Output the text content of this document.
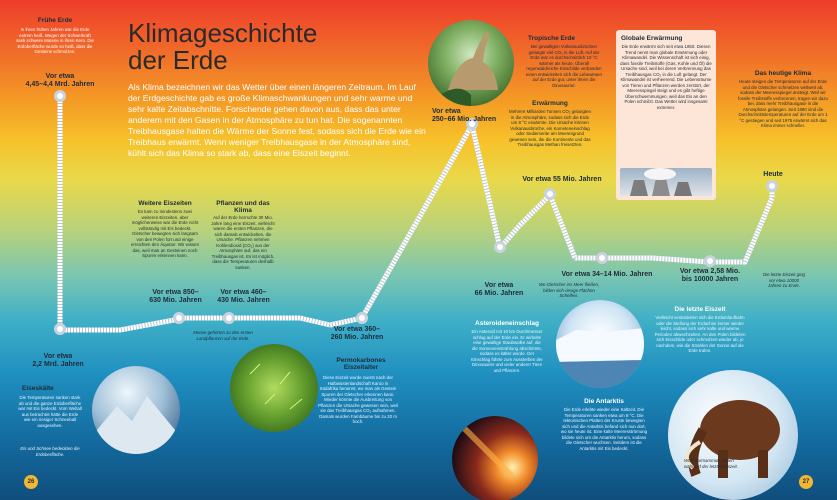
Klimageschichte
der Erde
Als Klima bezeichnen wir das Wetter über einen längeren Zeitraum. Im Lauf der Erdgeschichte gab es große Klimaschwankungen und sehr warme und sehr kalte Zeitabschnitte. Forschende gehen davon aus, dass das unter anderem mit den Gasen in der Atmosphäre zu tun hat. Die sogenannten Treibhausgase halten die Wärme der Sonne fest, sodass sich die Erde wie ein Treibhaus erwärmt. Wenn weniger Treibhausgase in der Atmosphäre sind, kühlt sich das Klima so stark ab, dass eine Eiszeit beginnt.
Frühe Erde
In ihren frühen Jahren war die Erde extrem heiß. Wegen der Schwerkraft sank schwere Materie in ihren Kern. Die Erdoberfläche wurde so heiß, dass die Gesteine schmolzen.
Vor etwa
4,45–4,4 Mrd. Jahren
Weitere Eiszeiten
Es kam zu mindestens zwei weiteren Eiszeiten, aber möglicherweise war die Erde nicht vollständig mit Eis bedeckt. Gletscher bewegten sich langsam von den Polen fort und einige erreichten den Äquator. Wir wissen das, weil man an Gesteinen noch Spuren erkennen kann.
Vor etwa 850–
630 Mio. Jahren
Pflanzen und das Klima
Auf der Erde herrschte 30 Mio. Jahre lang eine Eiszeit, vielleicht waren die ersten Pflanzen, die sich damals entwickelten, die Ursache. Pflanzen nehmen Kohlendioxid (CO₂) aus der Atmosphäre auf, das ein Treibhausgas ist. Es ist möglich, dass die Temperaturen deshalb sanken.
Vor etwa 460–
430 Mio. Jahren
Tropische Erde
Bei gewaltigen Vulkanausbrüchen gelangte viel CO₂ in die Luft. Auf der Erde war es durchschnittlich 10 °C wärmer als heute. Überall regenwaldreiche Eisschilde verbanden einen entwickelten sich die Lebewesen auf der Erde gut, unter ihnen die Dinosaurier.
Erwärmung
Mehrere Milliarden Tonnen CO₂ gelangten in die Atmosphäre, sodass sich die Erde um 8 °C erwärmte. Die Ursache können Vulkanausbrüche, ein Kometeneinschlag oder Sediemente am Meeresgrund gewesen sein, die die Kontinente und das Treibhausgas Methan freisetzten.
Vor etwa
250–66 Mio. Jahren
Vor etwa 55 Mio. Jahren
Globale Erwärmung
Die Erde erwärmt sich seit etwa 1850. Diesen Trend nennt man globale Erwärmung oder Klimawandel. Die Wissenschaft ist sich einig, dass fossile Treibstoffe (Gas, Kohle und Öl) die Ursache sind, weil bei deren Verbrennung das Treibhausgas CO₂ in die Luft gelangt. Der Klimawandel ist verheerend. Die Lebensräume von Tieren und Pflanzen werden zerstört, der Meeresspiegel steigt und es gibt heftige Überschwemmungen, weil das Eis an den Polen schmilzt. Das Wetter wird insgesamt extremer.
Das heutige Klima
Heute steigen die Temperaturen auf der Erde und die Gletscher schmelzen weltweit ab, sodass der Meeresspiegel ansteigt. Weil wir fossile Treibstoffe verbrennen, tragen wir dazu bei, dass mehr Treibhausgase in die Atmosphäre gelangen. Seit 1880 sind die Durchschnittstemperaturen auf der Erde um 1 °C gestiegen und seit 1975 erwärmt sich das Klima immer schneller.
Heute
Vor etwa
2,2 Mrd. Jahren
Eiseskälte
Die Temperaturen sanken stark ab und die ganze Erdoberfläche war mit Eis bedeckt. Vom Weltall aus betrachtet hätte die Erde wie ein riesiger Schneeball ausgesehen.
Eis und Schnee bedeckten die Erdoberfläche.
Moose gehörten zu den ersten Landpflanzen auf der Erde.
Vor etwa 360–
260 Mio. Jahren
Permokarbones Eiszeitalter
Diese Eiszeit wurde zuerst nach der Halbwüstenlandschaft Karoo in Südafrika benannt, wo man als Gestein Spuren der Gletscher erkennen kann. Wieder könnte die Ausbreitung von Pflanzen die Ursache gewesen sein, weil sie das Treibhausgas CO₂ aufnahmen. Damals wurden Farnbäume bis zu 20 m hoch.
Vor etwa
66 Mio. Jahren
Asteroideneinschlag
Ein Asteroid mit 10 km Durchmesser schlug auf der Erde ein. Er wirbelte eine gewaltige Staubwolke auf, die die Sonneneinstrahlung abschirmte, sodass es kälter wurde. Der Einschlag führte zum Aussterben der Dinosaurier und vieler anderer Tiere und Pflanzen.
Wo Gletscher ins Meer fließen, bilden sich riesige Flächen Schelfeis.
Vor etwa 34–14 Mio. Jahren
Die Antarktis
Die Erde erlebte wieder eine Kaltzeit. Die Temperaturen sanken etwa um 8 °C. Die tektonischen Platten der Kruste bewegten sich und die Antarktis befand sich nun dort, wo sie heute ist. Eine kalte Meeresströmung bildete sich um die Antarktis herum, sodass die Gletscher wuchsen. Seitdem ist die Antarktis mit Eis bedeckt.
Vor etwa 2,58 Mio.
bis 10000 Jahren
Die letzte Eiszeit
Vielleicht veränderten sich die Erdumlaufbahn oder die Stellung der Erdachse immer wieder leicht, sodass sich sehr kalte und warme Perioden abwechselten. An den Polen bildeten sich Eisschilde oder schmolzen wieder ab, je nachdem, wie die Strahlen der Sonne auf die Erde trafen.
Die letzte Eiszeit ging vor etwa 10000 Jahren zu Ende.
Wollhaarmammuts lebten während der letzten Eiszeit.
26	27
